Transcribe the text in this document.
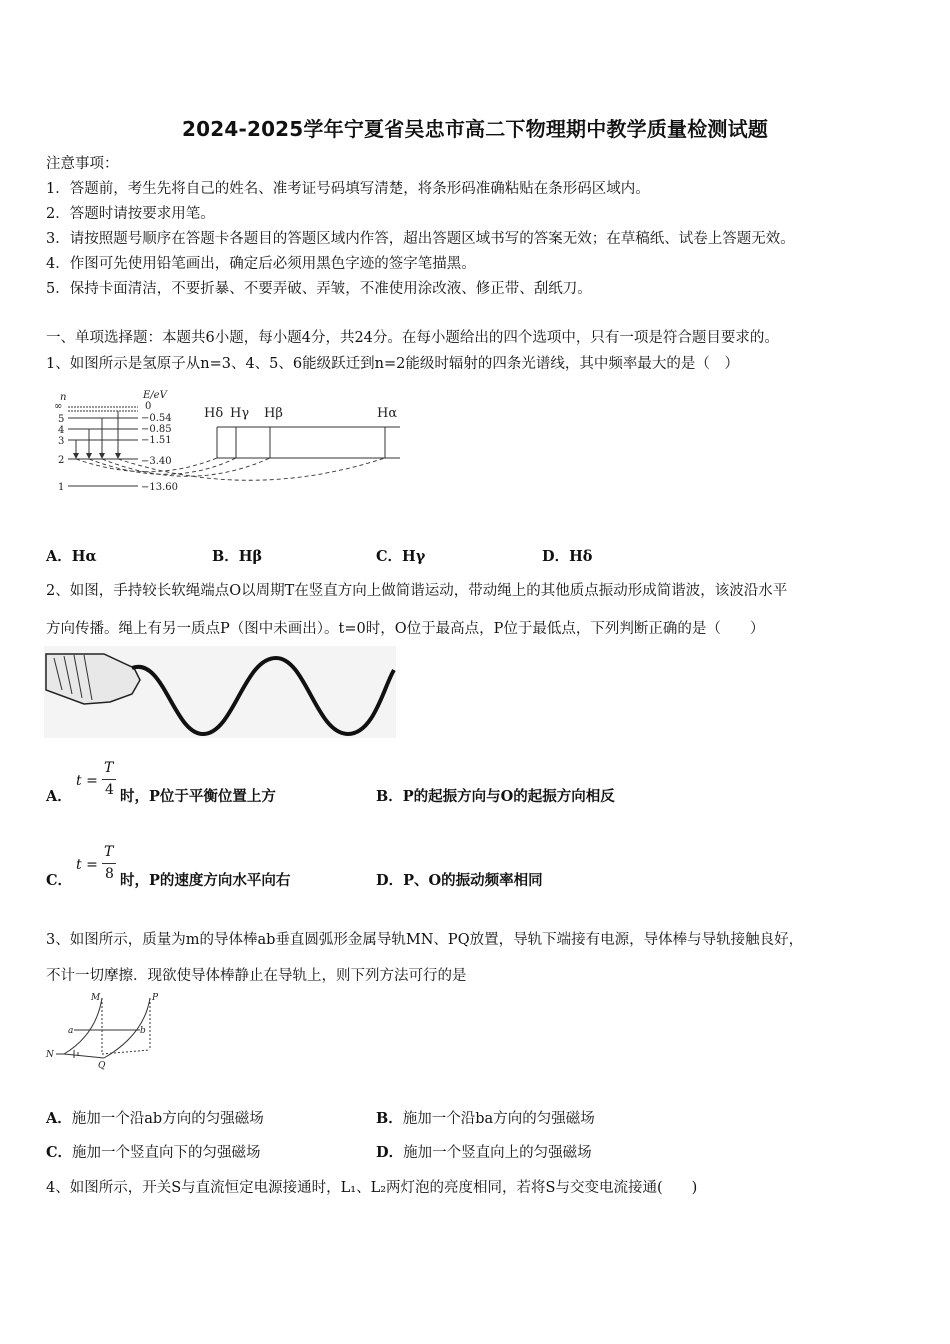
2024-2025学年宁夏省吴忠市高二下物理期中教学质量检测试题
注意事项：
1．答题前，考生先将自己的姓名、准考证号码填写清楚，将条形码准确粘贴在条形码区域内。
2．答题时请按要求用笔。
3．请按照题号顺序在答题卡各题目的答题区域内作答，超出答题区域书写的答案无效；在草稿纸、试卷上答题无效。
4．作图可先使用铅笔画出，确定后必须用黑色字迹的签字笔描黑。
5．保持卡面清洁，不要折暴、不要弄破、弄皱，不准使用涂改液、修正带、刮纸刀。
一、单项选择题：本题共6小题，每小题4分，共24分。在每小题给出的四个选项中，只有一项是符合题目要求的。
1、如图所示是氢原子从n=3、4、5、6能级跃迁到n=2能级时辐射的四条光谱线，其中频率最大的是（　）
n	E/eV
∞
5
4
3
2
1
0
−0.54
−0.85
−1.51
−3.40
−13.60
Hδ Hγ Hβ	Hα
A．Hα	B．Hβ	C．Hγ	D．Hδ
2、如图，手持较长软绳端点O以周期T在竖直方向上做简谐运动，带动绳上的其他质点振动形成简谐波，该波沿水平
方向传播。绳上有另一质点P（图中未画出）。t=0时，O位于最高点，P位于最低点，下列判断正确的是（　　）
A．
t =
T
4 时，P位于平衡位置上方	B．P的起振方向与O的起振方向相反
C．
t =
T
8 时，P的速度方向水平向右	D．P、O的振动频率相同
3、如图所示，质量为m的导体棒ab垂直圆弧形金属导轨MN、PQ放置，导轨下端接有电源，导体棒与导轨接触良好，
不计一切摩擦．现欲使导体棒静止在导轨上，则下列方法可行的是
M	P
a	b
N
Q
A．施加一个沿ab方向的匀强磁场	B．施加一个沿ba方向的匀强磁场
C．施加一个竖直向下的匀强磁场	D．施加一个竖直向上的匀强磁场
4、如图所示，开关S与直流恒定电源接通时，L₁、L₂两灯泡的亮度相同，若将S与交变电流接通(　　)
